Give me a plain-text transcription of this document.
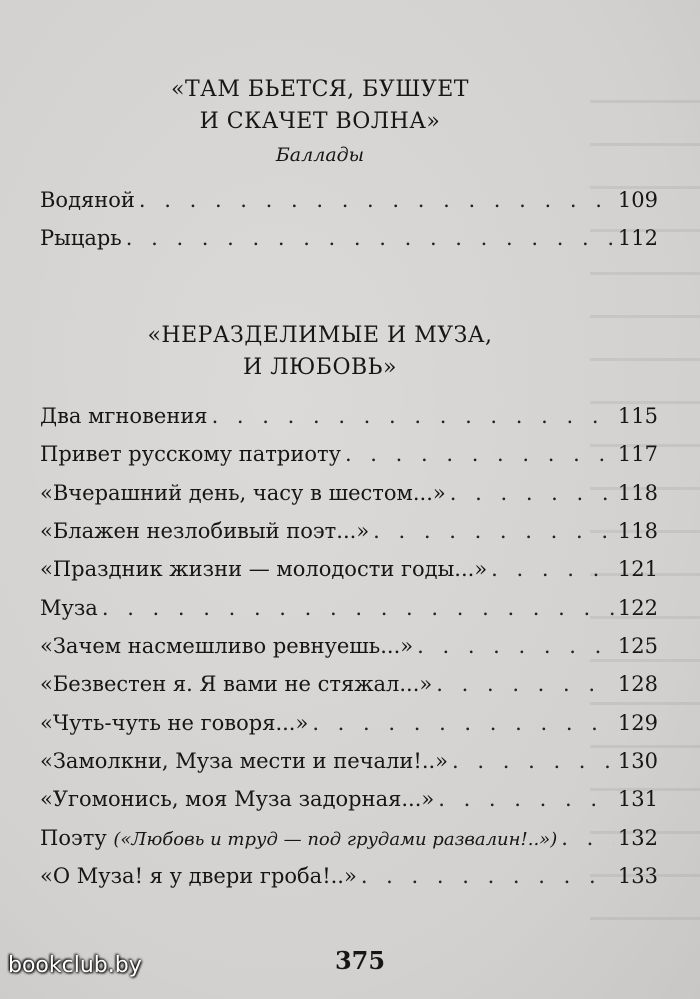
«ТАМ БЬЕТСЯ, БУШУЕТ
И СКАЧЕТ ВОЛНА»
Баллады
Водяной . . .	109
Рыцарь . . .	112
«НЕРАЗДЕЛИМЫЕ И МУЗА,
И ЛЮБОВЬ»
Два мгновения . . .	115
Привет русскому патриоту . . .	117
«Вчерашний день, часу в шестом...» . . .	118
«Блажен незлобивый поэт...» . . .	118
«Праздник жизни — молодости годы...» . . .	121
Муза . . .	122
«Зачем насмешливо ревнуешь...» . . .	125
«Безвестен я. Я вами не стяжал...» . . .	128
«Чуть-чуть не говоря...» . . .	129
«Замолкни, Муза мести и печали!..» . . .	130
«Угомонись, моя Муза задорная...» . . .	131
Поэту («Любовь и труд — под грудами развалин!..») . . .	132
«О Муза! я у двери гроба!..» . . .	133
375
bookclub.by
